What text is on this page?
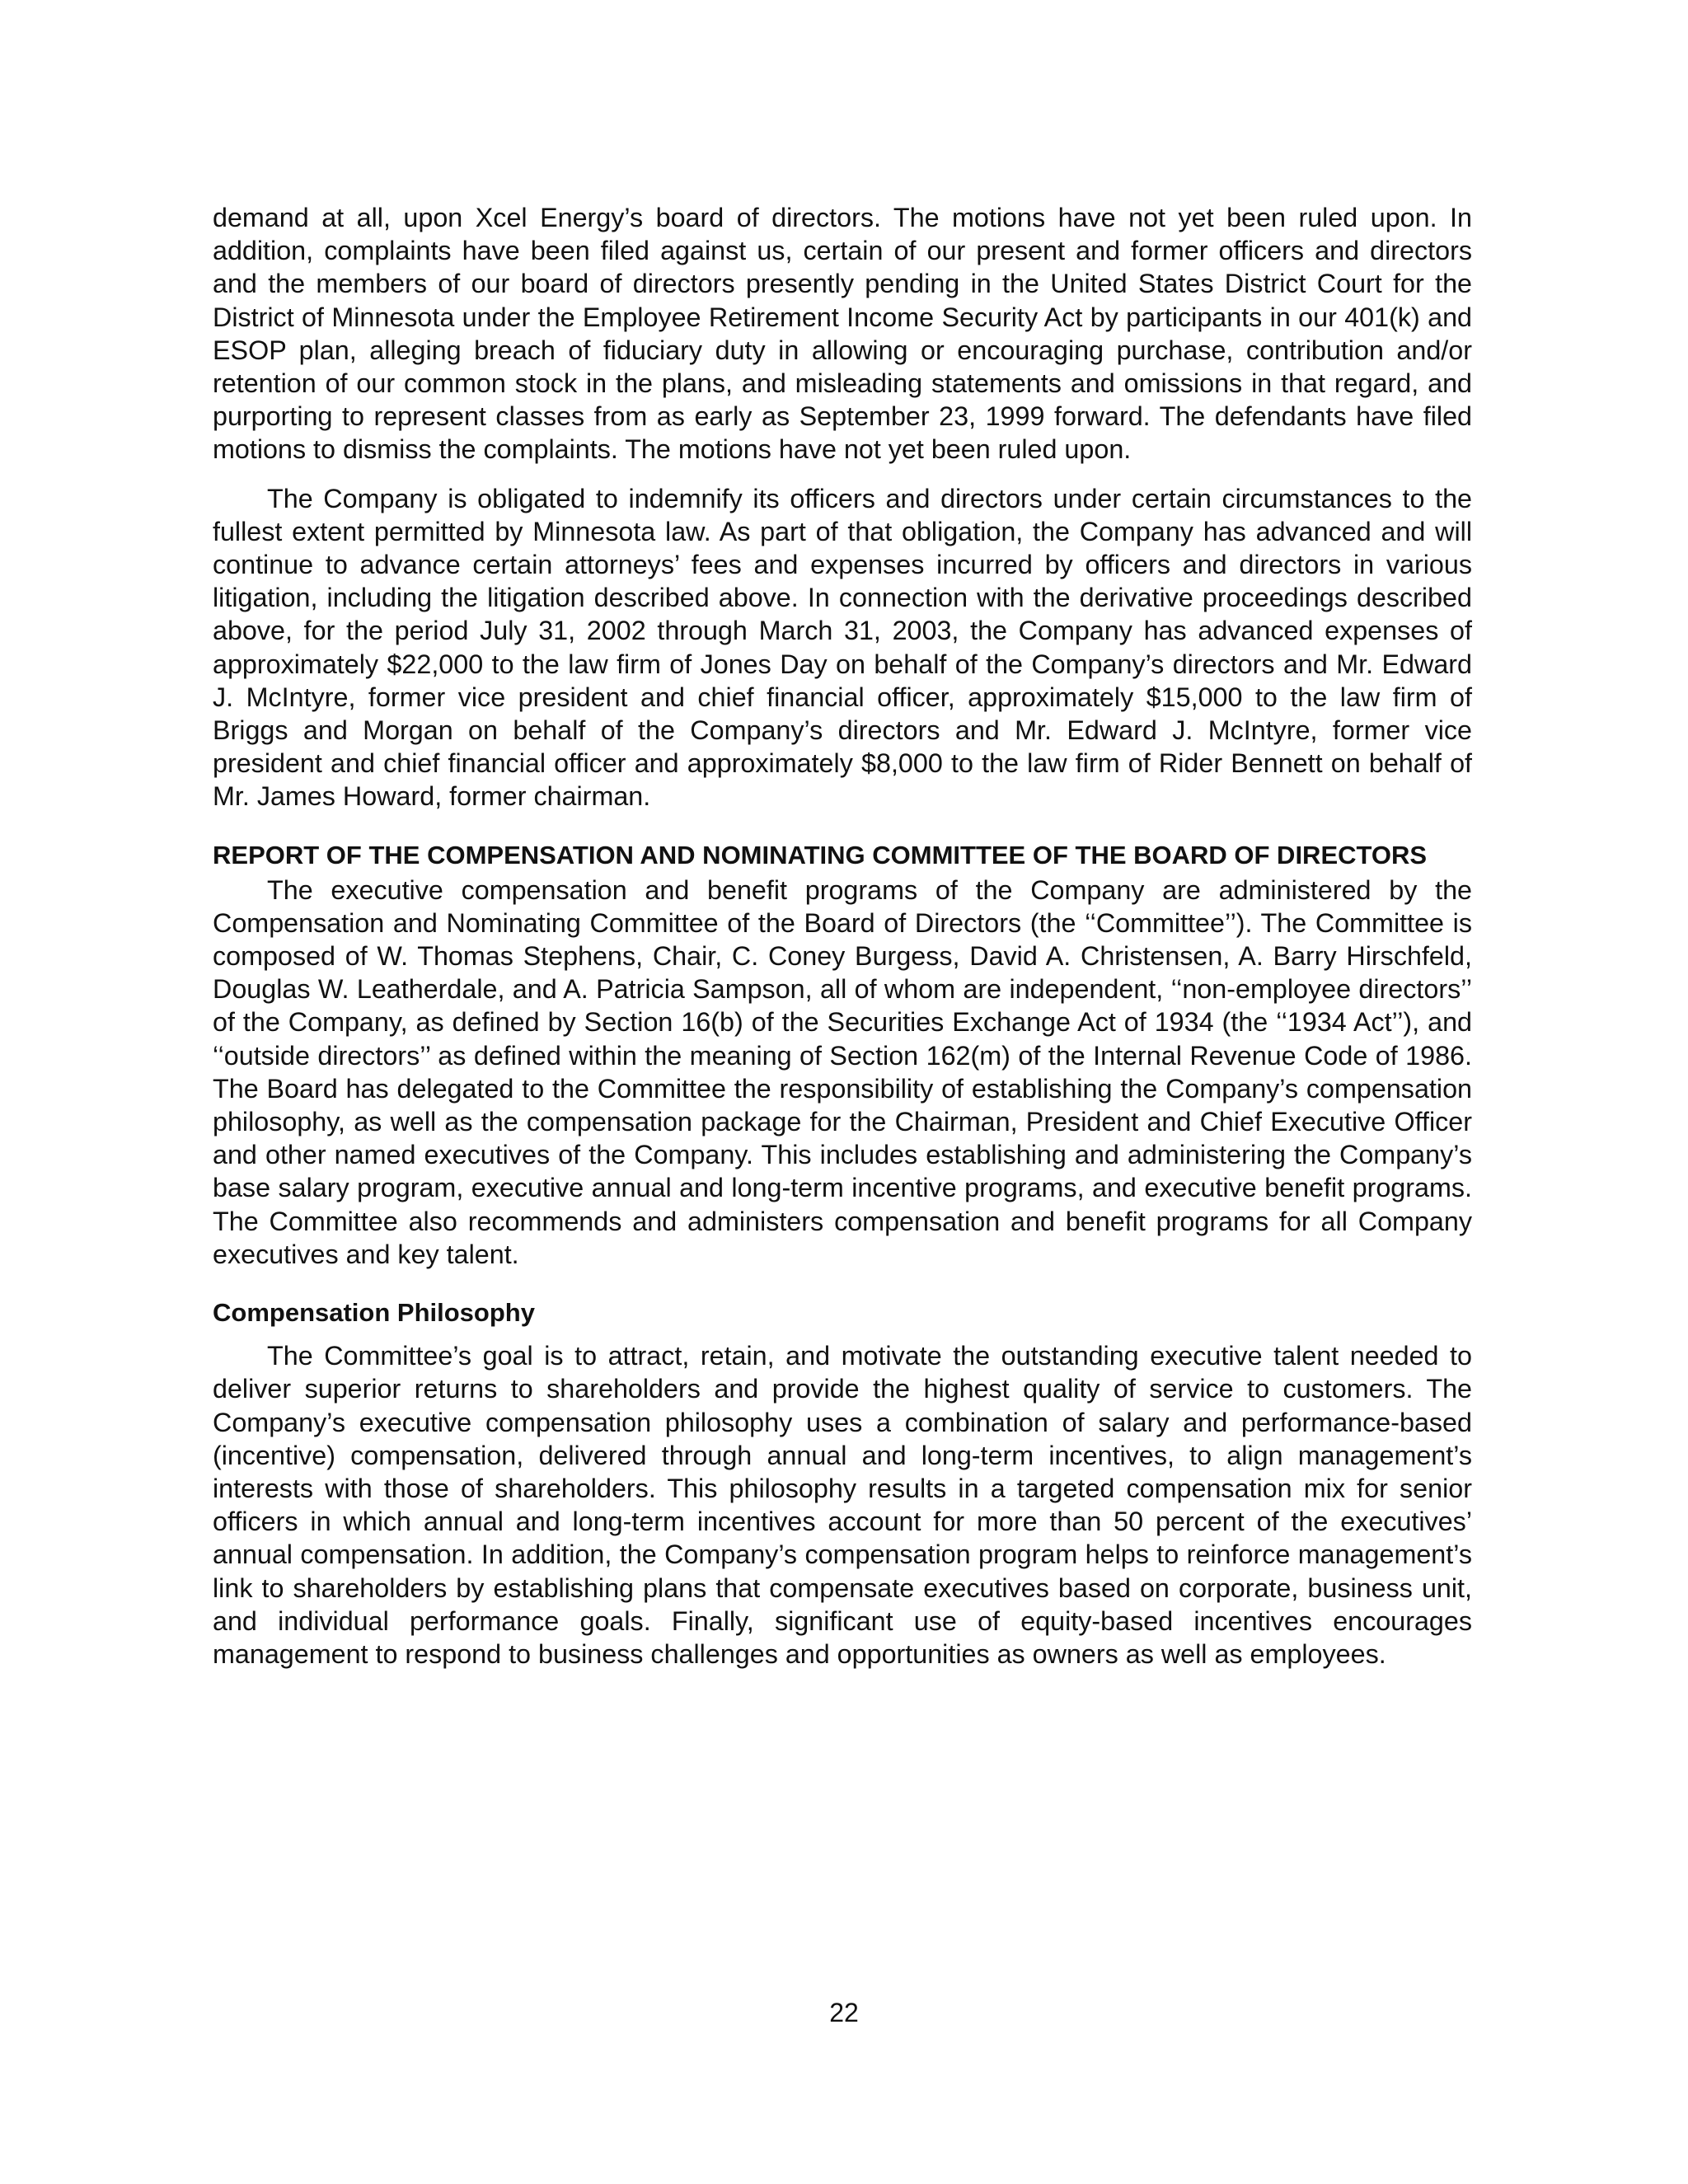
demand at all, upon Xcel Energy’s board of directors. The motions have not yet been ruled upon. In addition, complaints have been filed against us, certain of our present and former officers and directors and the members of our board of directors presently pending in the United States District Court for the District of Minnesota under the Employee Retirement Income Security Act by participants in our 401(k) and ESOP plan, alleging breach of fiduciary duty in allowing or encouraging purchase, contribution and/or retention of our common stock in the plans, and misleading statements and omissions in that regard, and purporting to represent classes from as early as September 23, 1999 forward. The defendants have filed motions to dismiss the complaints. The motions have not yet been ruled upon.

The Company is obligated to indemnify its officers and directors under certain circumstances to the fullest extent permitted by Minnesota law. As part of that obligation, the Company has advanced and will continue to advance certain attorneys’ fees and expenses incurred by officers and directors in various litigation, including the litigation described above. In connection with the derivative proceedings described above, for the period July 31, 2002 through March 31, 2003, the Company has advanced expenses of approximately $22,000 to the law firm of Jones Day on behalf of the Company’s directors and Mr. Edward J. McIntyre, former vice president and chief financial officer, approximately $15,000 to the law firm of Briggs and Morgan on behalf of the Company’s directors and Mr. Edward J. McIntyre, former vice president and chief financial officer and approximately $8,000 to the law firm of Rider Bennett on behalf of Mr. James Howard, former chairman.

REPORT OF THE COMPENSATION AND NOMINATING COMMITTEE OF THE BOARD OF DIRECTORS

The executive compensation and benefit programs of the Company are administered by the Compensation and Nominating Committee of the Board of Directors (the ‘‘Committee’’). The Committee is composed of W. Thomas Stephens, Chair, C. Coney Burgess, David A. Christensen, A. Barry Hirschfeld, Douglas W. Leatherdale, and A. Patricia Sampson, all of whom are independent, ‘‘non-employee directors’’ of the Company, as defined by Section 16(b) of the Securities Exchange Act of 1934 (the ‘‘1934 Act’’), and ‘‘outside directors’’ as defined within the meaning of Section 162(m) of the Internal Revenue Code of 1986. The Board has delegated to the Committee the responsibility of establishing the Company’s compensation philosophy, as well as the compensation package for the Chairman, President and Chief Executive Officer and other named executives of the Company. This includes establishing and administering the Company’s base salary program, executive annual and long-term incentive programs, and executive benefit programs. The Committee also recommends and administers compensation and benefit programs for all Company executives and key talent.

Compensation Philosophy

The Committee’s goal is to attract, retain, and motivate the outstanding executive talent needed to deliver superior returns to shareholders and provide the highest quality of service to customers. The Company’s executive compensation philosophy uses a combination of salary and performance-based (incentive) compensation, delivered through annual and long-term incentives, to align management’s interests with those of shareholders. This philosophy results in a targeted compensation mix for senior officers in which annual and long-term incentives account for more than 50 percent of the executives’ annual compensation. In addition, the Company’s compensation program helps to reinforce management’s link to shareholders by establishing plans that compensate executives based on corporate, business unit, and individual performance goals. Finally, significant use of equity-based incentives encourages management to respond to business challenges and opportunities as owners as well as employees.

22
